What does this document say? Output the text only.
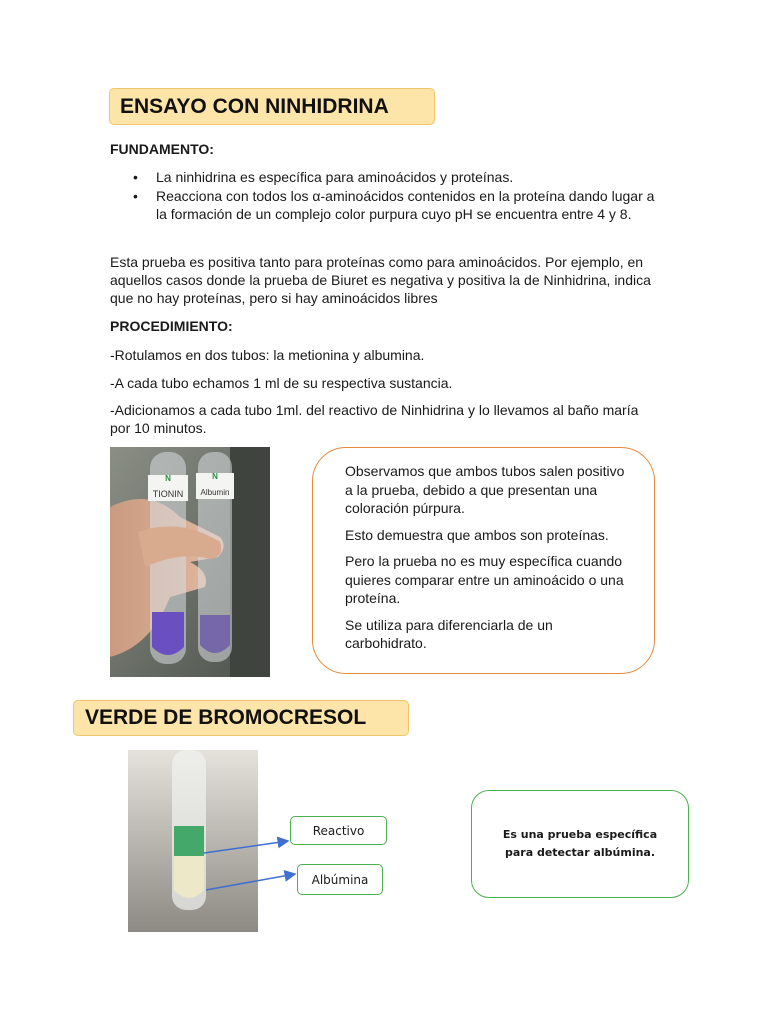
ENSAYO CON NINHIDRINA
FUNDAMENTO:
• La ninhidrina es específica para aminoácidos y proteínas.
• Reacciona con todos los α-aminoácidos contenidos en la proteína dando lugar a la formación de un complejo color purpura cuyo pH se encuentra entre 4 y 8.
Esta prueba es positiva tanto para proteínas como para aminoácidos. Por ejemplo, en aquellos casos donde la prueba de Biuret es negativa y positiva la de Ninhidrina, indica que no hay proteínas, pero si hay aminoácidos libres
PROCEDIMIENTO:
-Rotulamos en dos tubos: la metionina y albumina.
-A cada tubo echamos 1 ml de su respectiva sustancia.
-Adicionamos a cada tubo 1ml. del reactivo de Ninhidrina y lo llevamos al baño maría por 10 minutos.
N	N
TIONIN Albumin

Observamos que ambos tubos salen positivo a la prueba, debido a que presentan una coloración púrpura.

Esto demuestra que ambos son proteínas.

Pero la prueba no es muy específica cuando quieres comparar entre un aminoácido o una proteína.

Se utiliza para diferenciarla de un carbohidrato.

VERDE DE BROMOCRESOL
Reactivo
Albúmina
Es una prueba específica para detectar albúmina.
